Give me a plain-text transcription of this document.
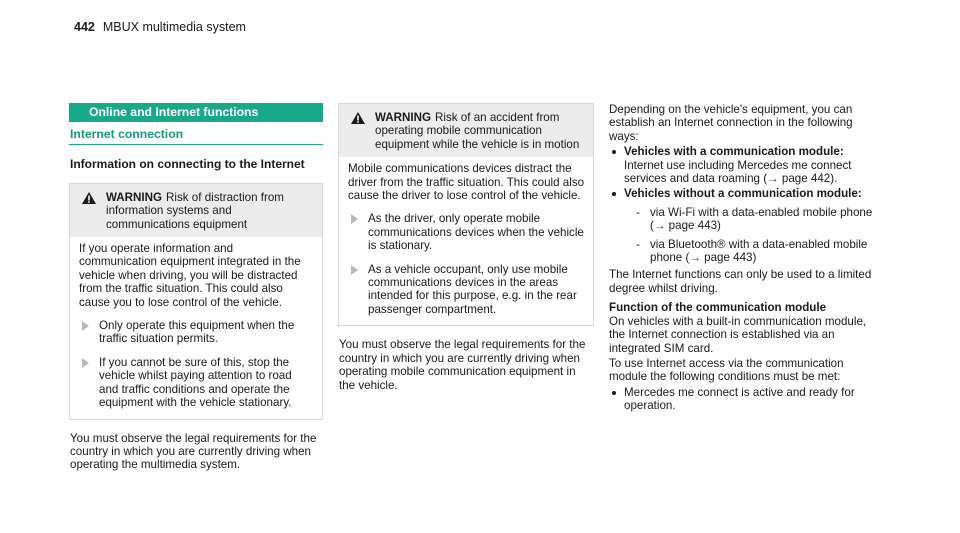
442 MBUX multimedia system
Online and Internet functions
Internet connection
Information on connecting to the Internet
WARNING Risk of distraction from information systems and communications equipment
If you operate information and communication equipment integrated in the vehicle when driving, you will be distracted from the traffic situation. This could also cause you to lose control of the vehicle.
Only operate this equipment when the traffic situation permits.
If you cannot be sure of this, stop the vehicle whilst paying attention to road and traffic conditions and operate the equipment with the vehicle stationary.
You must observe the legal requirements for the country in which you are currently driving when operating the multimedia system.
WARNING Risk of an accident from operating mobile communication equipment while the vehicle is in motion
Mobile communications devices distract the driver from the traffic situation. This could also cause the driver to lose control of the vehicle.
As the driver, only operate mobile communications devices when the vehicle is stationary.
As a vehicle occupant, only use mobile communications devices in the areas intended for this purpose, e.g. in the rear passenger compartment.
You must observe the legal requirements for the country in which you are currently driving when operating mobile communication equipment in the vehicle.
Depending on the vehicle's equipment, you can establish an Internet connection in the following ways:
Vehicles with a communication module:
Internet use including Mercedes me connect services and data roaming (→ page 442).
Vehicles without a communication module:
- via Wi-Fi with a data-enabled mobile phone (→ page 443)
- via Bluetooth® with a data-enabled mobile phone (→ page 443)
The Internet functions can only be used to a limited degree whilst driving.
Function of the communication module
On vehicles with a built-in communication module, the Internet connection is established via an integrated SIM card.
To use Internet access via the communication module the following conditions must be met:
Mercedes me connect is active and ready for operation.
